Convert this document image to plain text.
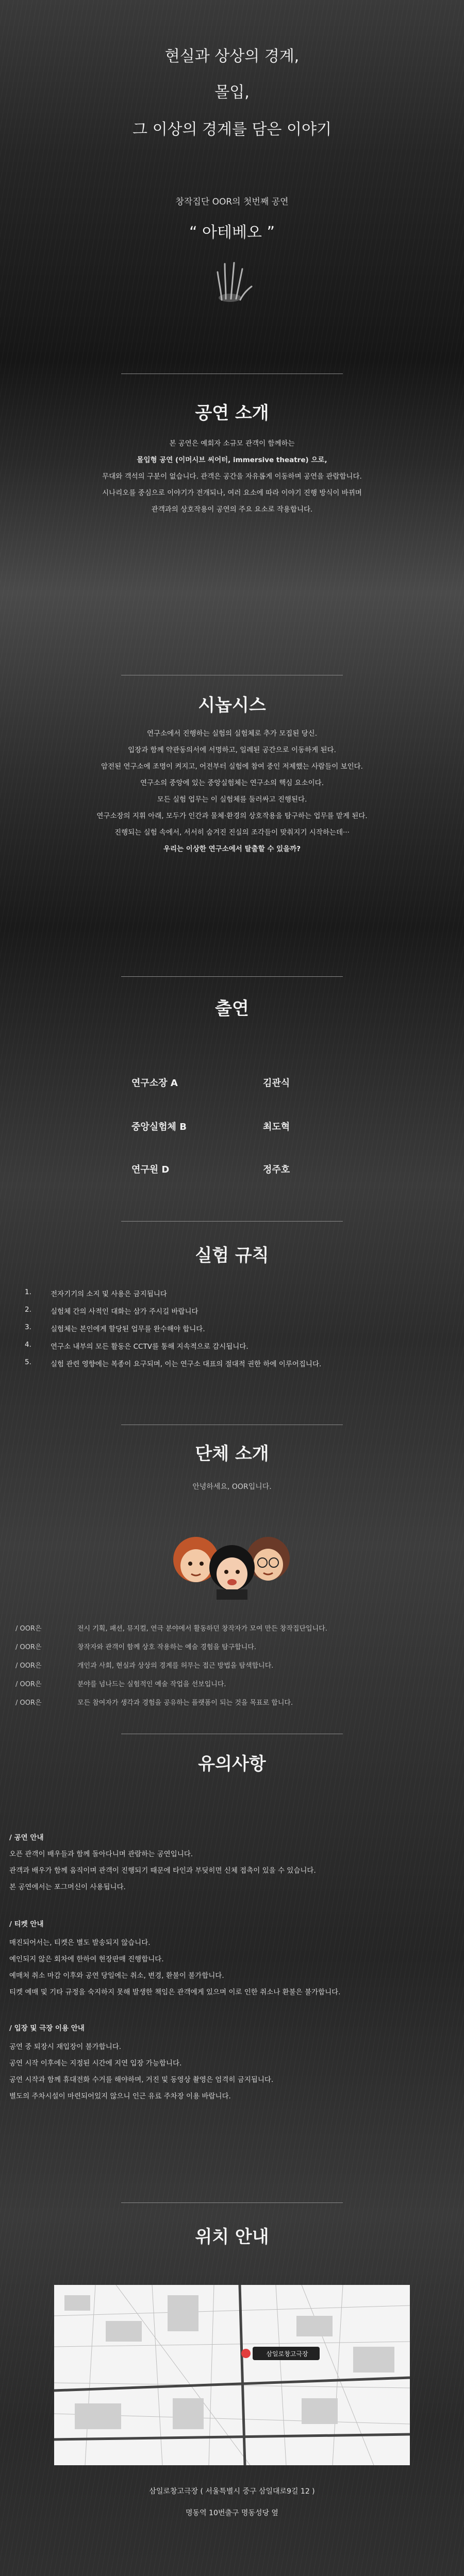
현실과 상상의 경계,
몰입,
그 이상의 경계를 담은 이야기
창작집단 OOR의 첫번째 공연
“ 아테베오 ”
공연 소개
본 공연은 예회자 소규모 관객이 함께하는
몰입형 공연 (이머시브 씨어터, immersive theatre) 으로,
무대와 객석의 구분이 없습니다. 관객은 공간을 자유롭게 이동하며 공연을 관람합니다.
시나리오를 중심으로 이야기가 전개되나, 여러 요소에 따라 이야기 진행 방식이 바뀌며
관객과의 상호작용이 공연의 주요 요소로 작용합니다.
시놉시스
연구소에서 진행하는 실험의 실험체로 추가 모집된 당신.
입장과 함께 약관동의서에 서명하고, 일례된 공간으로 이동하게 된다.
암전된 연구소에 조명이 켜지고, 어전부터 실험에 참여 중인 저제했는 사람들이 보인다.
연구소의 중앙에 있는 중앙실험체는 연구소의 핵심 요소이다.
모든 실험 업무는 이 실험체를 둘러싸고 진행된다.
연구소장의 지휘 아래, 모두가 인간과 물체·환경의 상호작용을 탐구하는 업무를 맡게 된다.
진행되는 실험 속에서, 서서히 숨겨진 진실의 조각들이 맞춰지기 시작하는데···
우리는 이상한 연구소에서 탈출할 수 있을까?
출연
연구소장 A	김관식
중앙실험체 B	최도혁
연구원 D	정주호
실험 규칙
1.	전자기기의 소지 및 사용은 금지됩니다
2.	실험체 간의 사적인 대화는 삼가 주시길 바랍니다
3.	실험체는 본인에게 할당된 업무를 완수해야 합니다.
4.	연구소 내부의 모든 활동은 CCTV를 통해 지속적으로 감시됩니다.
5.	실험 관련 영향에는 복종이 요구되며, 이는 연구소 대표의 절대적 권한 하에 이루어집니다.
단체 소개
안녕하세요, OOR입니다.
/ OOR은	전시 기획, 패션, 뮤지컬, 연극 분야에서 활동하던 창작자가 모여 만든 창작집단입니다.
/ OOR은	창작자와 관객이 함께 상호 작용하는 예술 경험을 탐구합니다.
/ OOR은	개인과 사회, 현실과 상상의 경계를 허무는 접근 방법을 탐색합니다.
/ OOR은	분야를 넘나드는 실험적인 예술 작업을 선보입니다.
/ OOR은	모든 참여자가 생각과 경험을 공유하는 플랫폼이 되는 것을 목표로 합니다.
유의사항
/ 공연 안내
오픈 관객이 배우들과 함께 돌아다니며 관람하는 공연입니다.
관객과 배우가 함께 움직이며 관객이 진행되기 때문에 타인과 부딪히면 신체 접촉이 있을 수 있습니다.
본 공연에서는 포그머신이 사용됩니다.
/ 티켓 안내
매진되어서는, 티켓은 별도 발송되지 않습니다.
예인되지 않은 회차에 한하여 현장판매 진행합니다.
예매처 취소 마감 이후와 공연 당일에는 취소, 변경, 환불이 불가합니다.
티켓 예매 및 기타 규정을 숙지하지 못해 발생한 책임은 관객에게 있으며 이로 인한 취소나 환불은 불가합니다.
/ 입장 및 극장 이용 안내
공연 중 퇴장시 재입장이 불가합니다.
공연 시작 이후에는 지정된 시간에 지연 입장 가능합니다.
공연 시작과 함께 휴대전화 수거를 해야하며, 거진 및 동영상 촬영은 엄격히 금지됩니다.
별도의 주차시설이 마련되어있지 않으니 인근 유료 주차장 이용 바랍니다.
위치 안내
삼일로창고극장
삼일로창고극장 ( 서울특별시 중구 삼일대로9길 12 )
명동역 10번출구 명동성당 옆
